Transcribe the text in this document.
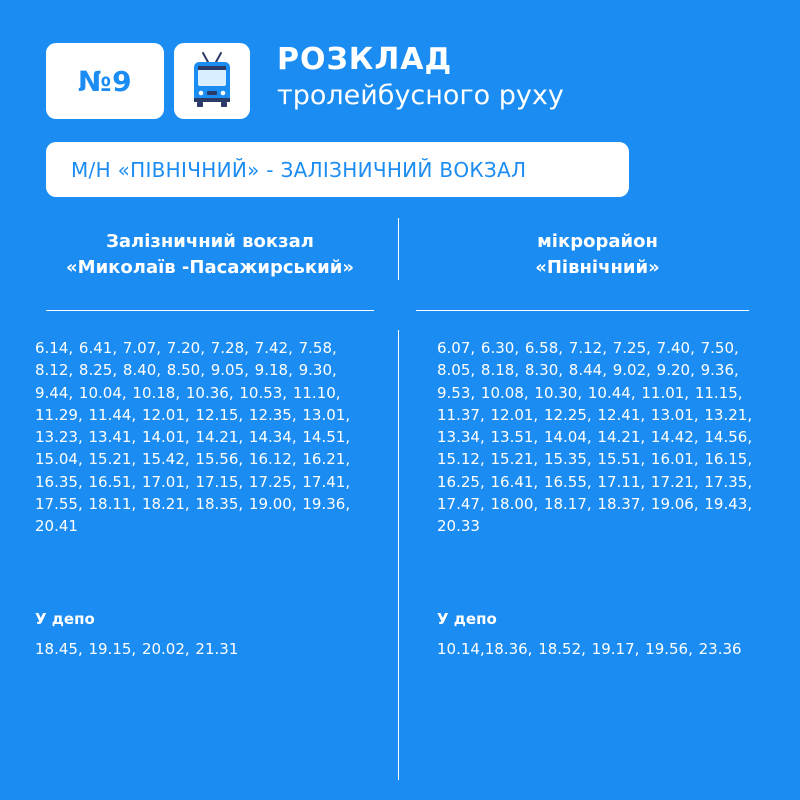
№9
РОЗКЛАД

тролейбусного руху

М/Н «ПІВНІЧНИЙ» - ЗАЛІЗНИЧНИЙ ВОКЗАЛ
Залізничний вокзал
«Миколаїв -Пасажирський»

6.14, 6.41, 7.07, 7.20, 7.28, 7.42, 7.58, 8.12, 8.25, 8.40, 8.50, 9.05, 9.18, 9.30, 9.44, 10.04, 10.18, 10.36, 10.53, 11.10, 11.29, 11.44, 12.01, 12.15, 12.35, 13.01, 13.23, 13.41, 14.01, 14.21, 14.34, 14.51, 15.04, 15.21, 15.42, 15.56, 16.12, 16.21, 16.35, 16.51, 17.01, 17.15, 17.25, 17.41, 17.55, 18.11, 18.21, 18.35, 19.00, 19.36, 20.41

У депо

18.45, 19.15, 20.02, 21.31

мікрорайон
«Північний»

6.07, 6.30, 6.58, 7.12, 7.25, 7.40, 7.50, 8.05, 8.18, 8.30, 8.44, 9.02, 9.20, 9.36, 9.53, 10.08, 10.30, 10.44, 11.01, 11.15, 11.37, 12.01, 12.25, 12.41, 13.01, 13.21, 13.34, 13.51, 14.04, 14.21, 14.42, 14.56, 15.12, 15.21, 15.35, 15.51, 16.01, 16.15, 16.25, 16.41, 16.55, 17.11, 17.21, 17.35, 17.47, 18.00, 18.17, 18.37, 19.06, 19.43, 20.33

У депо

10.14,18.36, 18.52, 19.17, 19.56, 23.36
